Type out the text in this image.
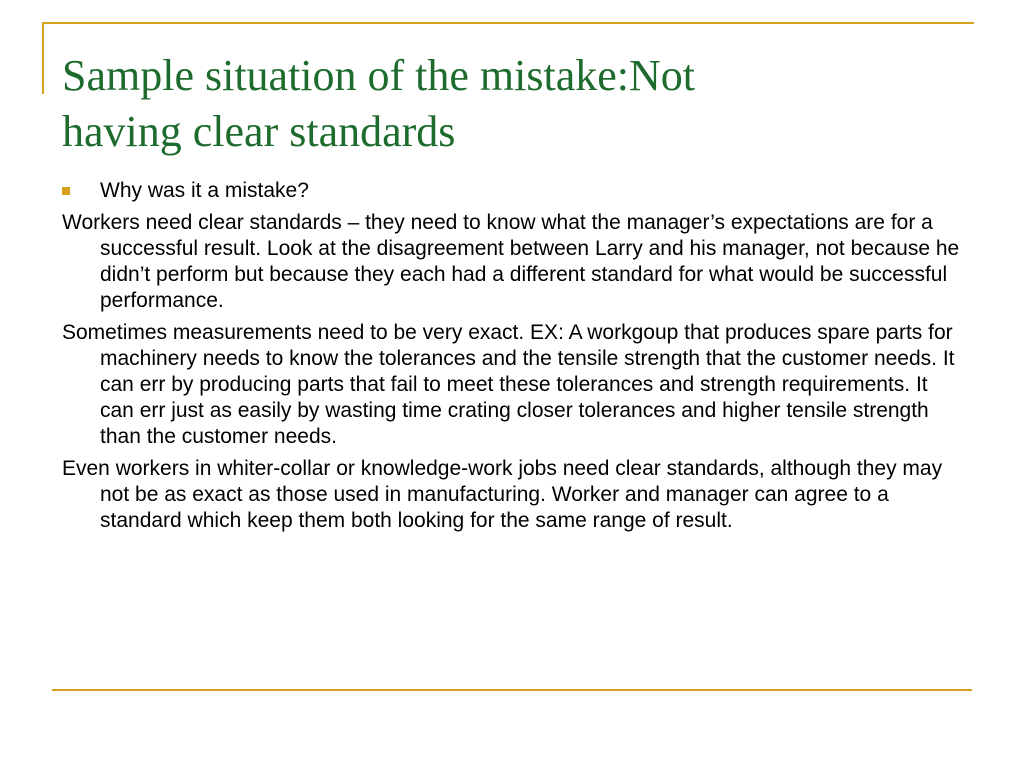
Sample situation of the mistake:Not
having clear standards
Why was it a mistake?

Workers need clear standards – they need to know what the manager’s expectations are for a successful result. Look at the disagreement between Larry and his manager, not because he didn’t perform but because they each had a different standard for what would be successful performance.

Sometimes measurements need to be very exact. EX: A workgoup that produces spare parts for machinery needs to know the tolerances and the tensile strength that the customer needs. It can err by producing parts that fail to meet these tolerances and strength requirements. It can err just as easily by wasting time crating closer tolerances and higher tensile strength than the customer needs.

Even workers in whiter-collar or knowledge-work jobs need clear standards, although they may not be as exact as those used in manufacturing. Worker and manager can agree to a standard which keep them both looking for the same range of result.
